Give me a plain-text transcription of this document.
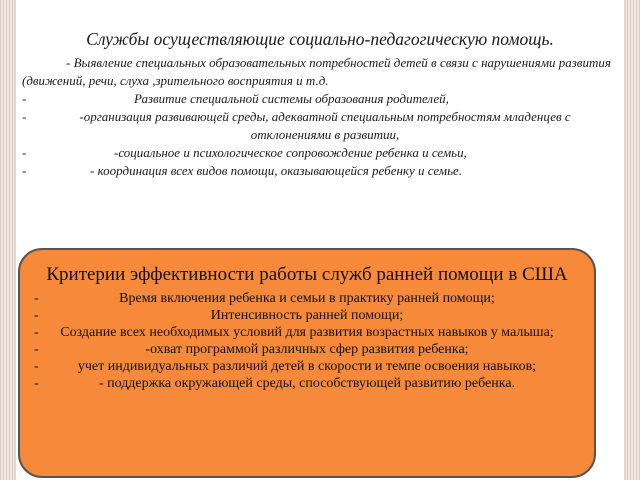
Службы осуществляющие социально-педагогическую помощь.

- Выявление специальных образовательных потребностей детей в связи с нарушениями развития (движений, речи, слуха ,зрительного восприятия и т.д.

- Развитие специальной системы образования родителей,
- -организация развивающей среды, адекватной специальным потребностям младенцев с отклонениями в развитии,
- -социальное и психологическое сопровождение ребенка и семьи,
- - координация всех видов помощи, оказывающейся ребенку и семье.

Критерии эффективности работы служб ранней помощи в США

- Время включения ребенка и семьи в практику ранней помощи;
- Интенсивность ранней помощи;
- Создание всех необходимых условий для развития возрастных навыков у малыша;
- -охват программой различных сфер развития ребенка;
- учет индивидуальных различий детей в скорости и темпе освоения навыков;
- - поддержка окружающей среды, способствующей развитию ребенка.
